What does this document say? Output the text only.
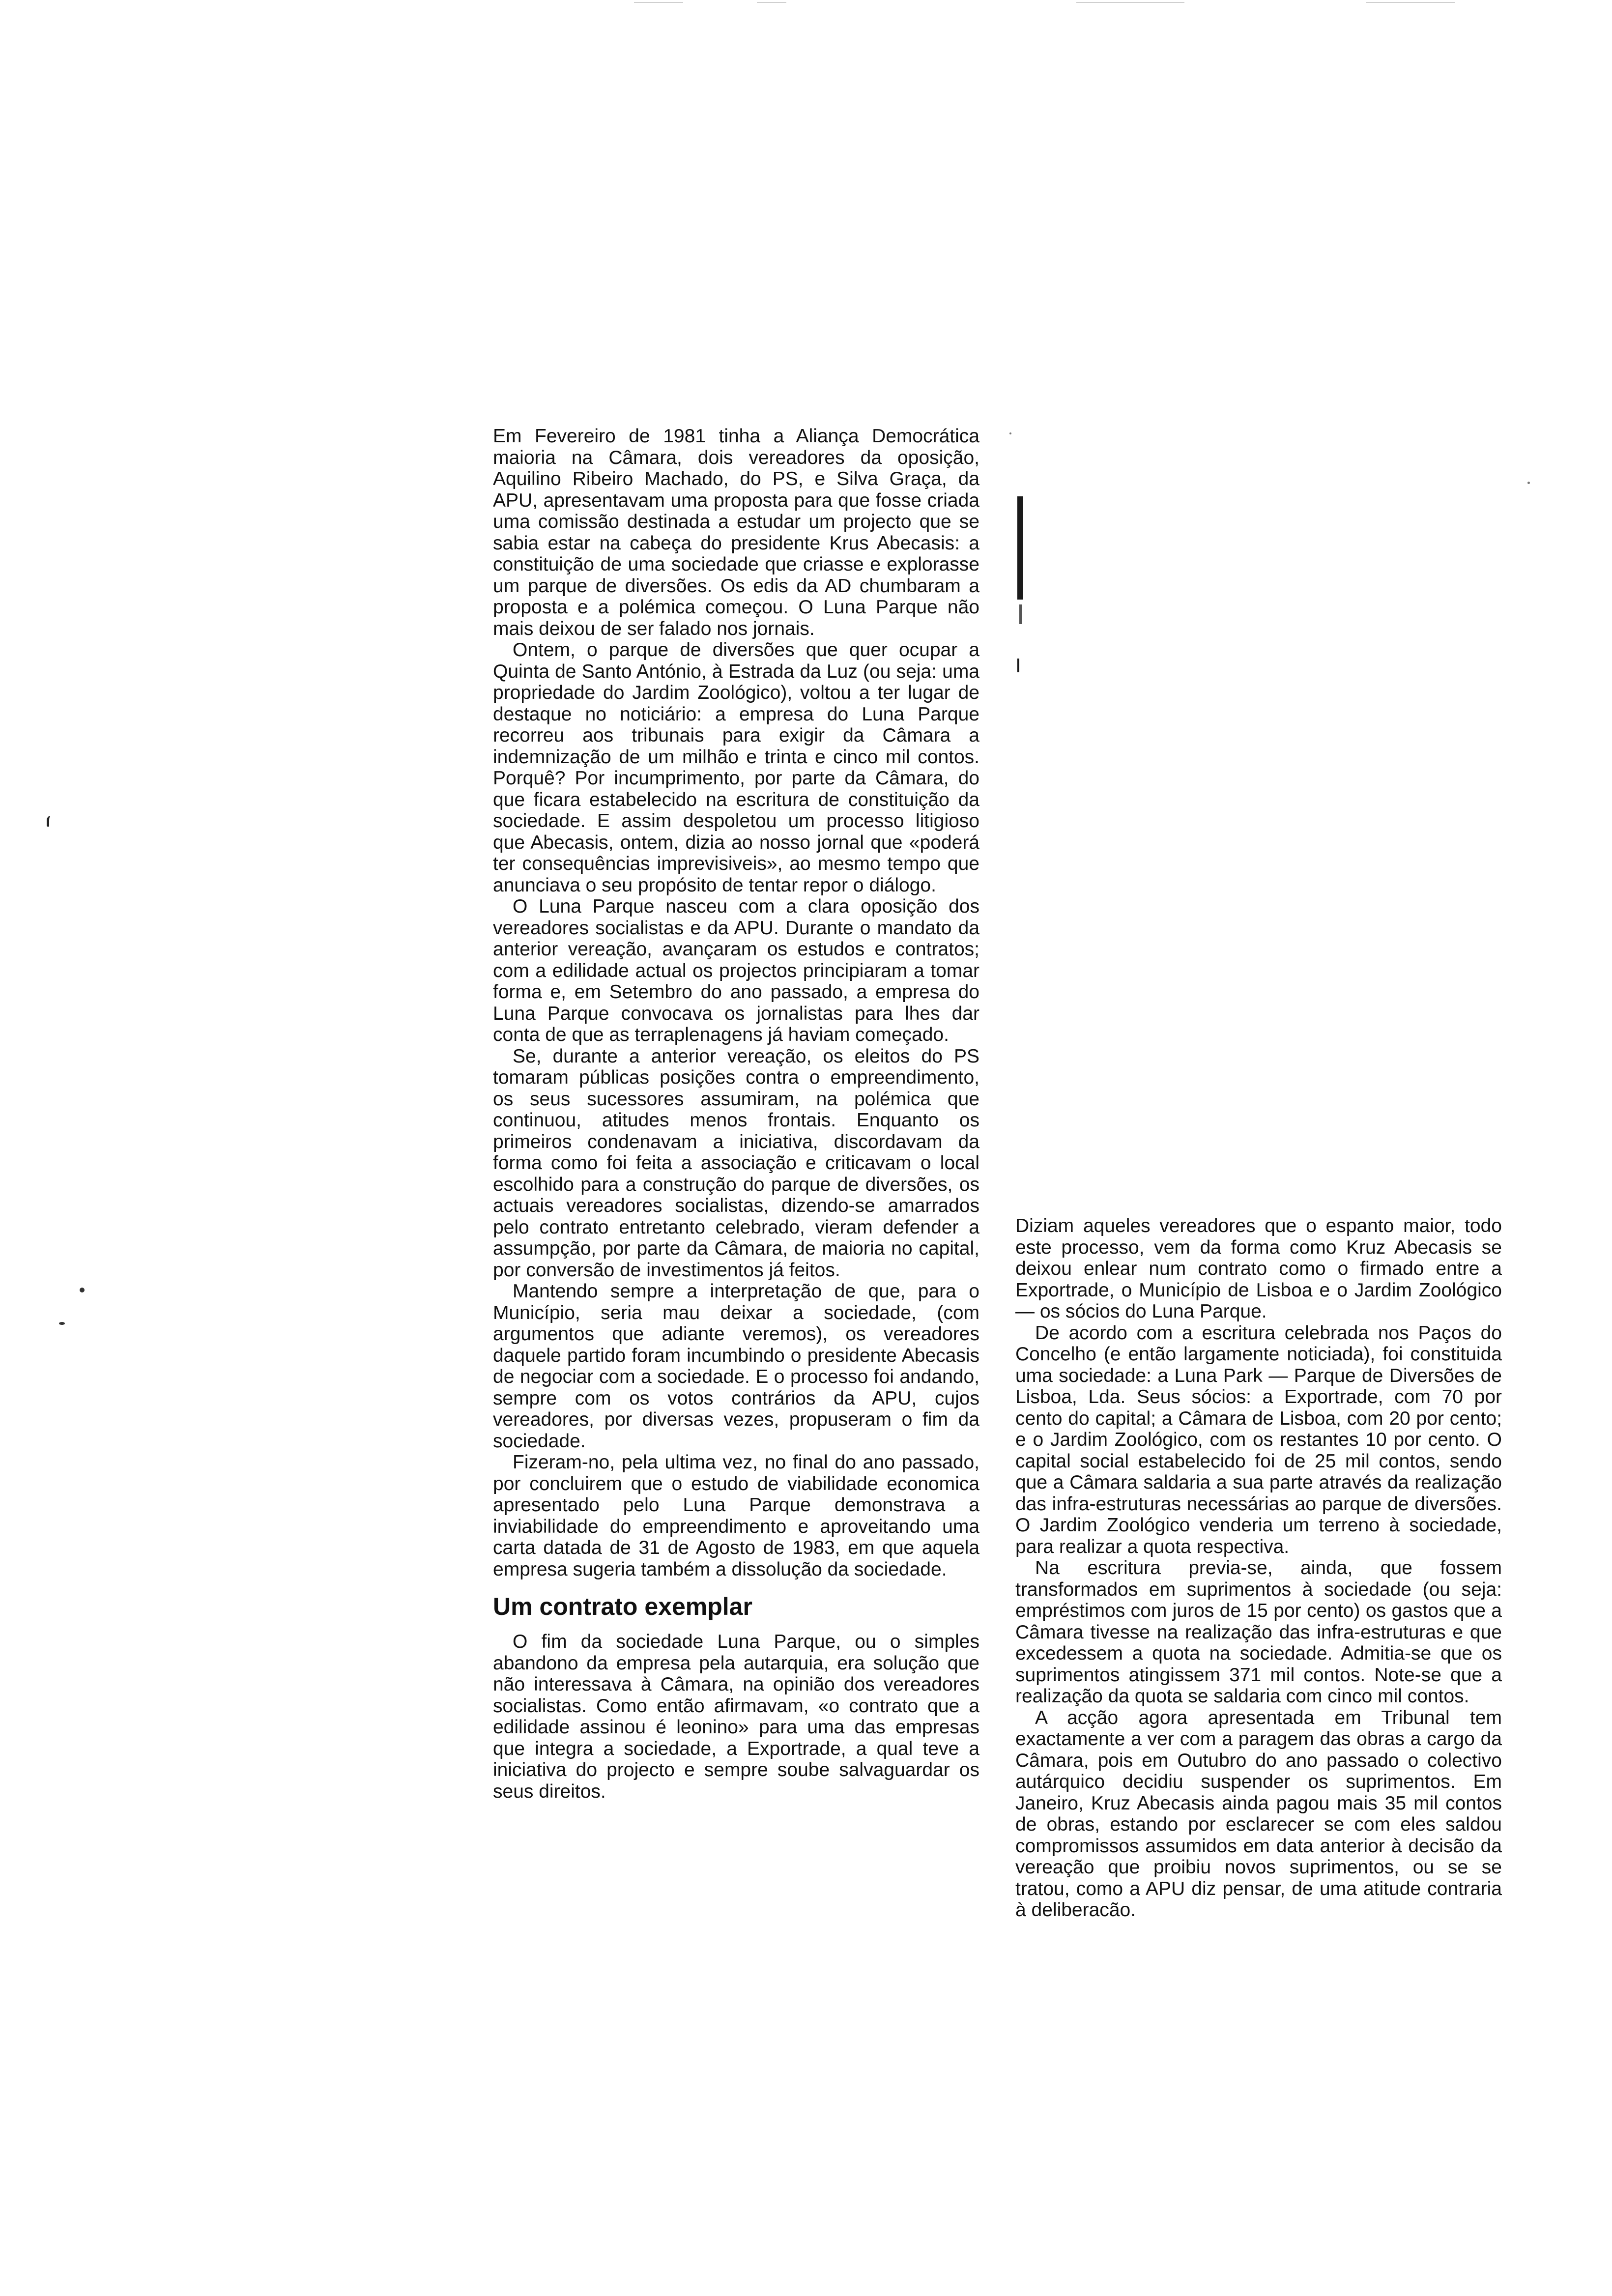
Em Fevereiro de 1981 tinha a Aliança Democrática maioria na Câmara, dois vereadores da oposição, Aquilino Ribeiro Machado, do PS, e Silva Graça, da APU, apresentavam uma proposta para que fosse criada uma comissão destinada a estudar um projecto que se sabia estar na cabeça do presidente Krus Abecasis: a constituição de uma sociedade que criasse e explorasse um parque de diversões. Os edis da AD chumbaram a proposta e a polémica começou. O Luna Parque não mais deixou de ser falado nos jornais.

Ontem, o parque de diversões que quer ocupar a Quinta de Santo António, à Estrada da Luz (ou seja: uma propriedade do Jardim Zoológico), voltou a ter lugar de destaque no noticiário: a empresa do Luna Parque recorreu aos tribunais para exigir da Câmara a indemnização de um milhão e trinta e cinco mil contos. Porquê? Por incumprimento, por parte da Câmara, do que ficara estabelecido na escritura de constituição da sociedade. E assim despoletou um processo litigioso que Abecasis, ontem, dizia ao nosso jornal que «poderá ter consequências imprevisiveis», ao mesmo tempo que anunciava o seu propósito de tentar repor o diálogo.

O Luna Parque nasceu com a clara oposição dos vereadores socialistas e da APU. Durante o mandato da anterior vereação, avançaram os estudos e contratos; com a edilidade actual os projectos principiaram a tomar forma e, em Setembro do ano passado, a empresa do Luna Parque convocava os jornalistas para lhes dar conta de que as terraplenagens já haviam começado.

Se, durante a anterior vereação, os eleitos do PS tomaram públicas posições contra o empreendimento, os seus sucessores assumiram, na polémica que continuou, atitudes menos frontais. Enquanto os primeiros condenavam a iniciativa, discordavam da forma como foi feita a associação e criticavam o local escolhido para a construção do parque de diversões, os actuais vereadores socialistas, dizendo-se amarrados pelo contrato entretanto celebrado, vieram defender a assumpção, por parte da Câmara, de maioria no capital, por conversão de investimentos já feitos.

Mantendo sempre a interpretação de que, para o Município, seria mau deixar a sociedade, (com argumentos que adiante veremos), os vereadores daquele partido foram incumbindo o presidente Abecasis de negociar com a sociedade. E o processo foi andando, sempre com os votos contrários da APU, cujos vereadores, por diversas vezes, propuseram o fim da sociedade.

Fizeram-no, pela ultima vez, no final do ano passado, por concluirem que o estudo de viabilidade economica apresentado pelo Luna Parque demonstrava a inviabilidade do empreendimento e aproveitando uma carta datada de 31 de Agosto de 1983, em que aquela empresa sugeria também a dissolução da sociedade.

Um contrato exemplar

O fim da sociedade Luna Parque, ou o simples abandono da empresa pela autarquia, era solução que não interessava à Câmara, na opinião dos vereadores socialistas. Como então afirmavam, «o contrato que a edilidade assinou é leonino» para uma das empresas que integra a sociedade, a Exportrade, a qual teve a iniciativa do projecto e sempre soube salvaguardar os seus direitos.

Diziam aqueles vereadores que o espanto maior, todo este processo, vem da forma como Kruz Abecasis se deixou enlear num contrato como o firmado entre a Exportrade, o Município de Lisboa e o Jardim Zoológico — os sócios do Luna Parque.

De acordo com a escritura celebrada nos Paços do Concelho (e então largamente noticiada), foi constituida uma sociedade: a Luna Park — Parque de Diversões de Lisboa, Lda. Seus sócios: a Exportrade, com 70 por cento do capital; a Câmara de Lisboa, com 20 por cento; e o Jardim Zoológico, com os restantes 10 por cento. O capital social estabelecido foi de 25 mil contos, sendo que a Câmara saldaria a sua parte através da realização das infra-estruturas necessárias ao parque de diversões. O Jardim Zoológico venderia um terreno à sociedade, para realizar a quota respectiva.

Na escritura previa-se, ainda, que fossem transformados em suprimentos à sociedade (ou seja: empréstimos com juros de 15 por cento) os gastos que a Câmara tivesse na realização das infra-estruturas e que excedessem a quota na sociedade. Admitia-se que os suprimentos atingissem 371 mil contos. Note-se que a realização da quota se saldaria com cinco mil contos.

A acção agora apresentada em Tribunal tem exactamente a ver com a paragem das obras a cargo da Câmara, pois em Outubro do ano passado o colectivo autárquico decidiu suspender os suprimentos. Em Janeiro, Kruz Abecasis ainda pagou mais 35 mil contos de obras, estando por esclarecer se com eles saldou compromissos assumidos em data anterior à decisão da vereação que proibiu novos suprimentos, ou se se tratou, como a APU diz pensar, de uma atitude contraria à deliberacão.
